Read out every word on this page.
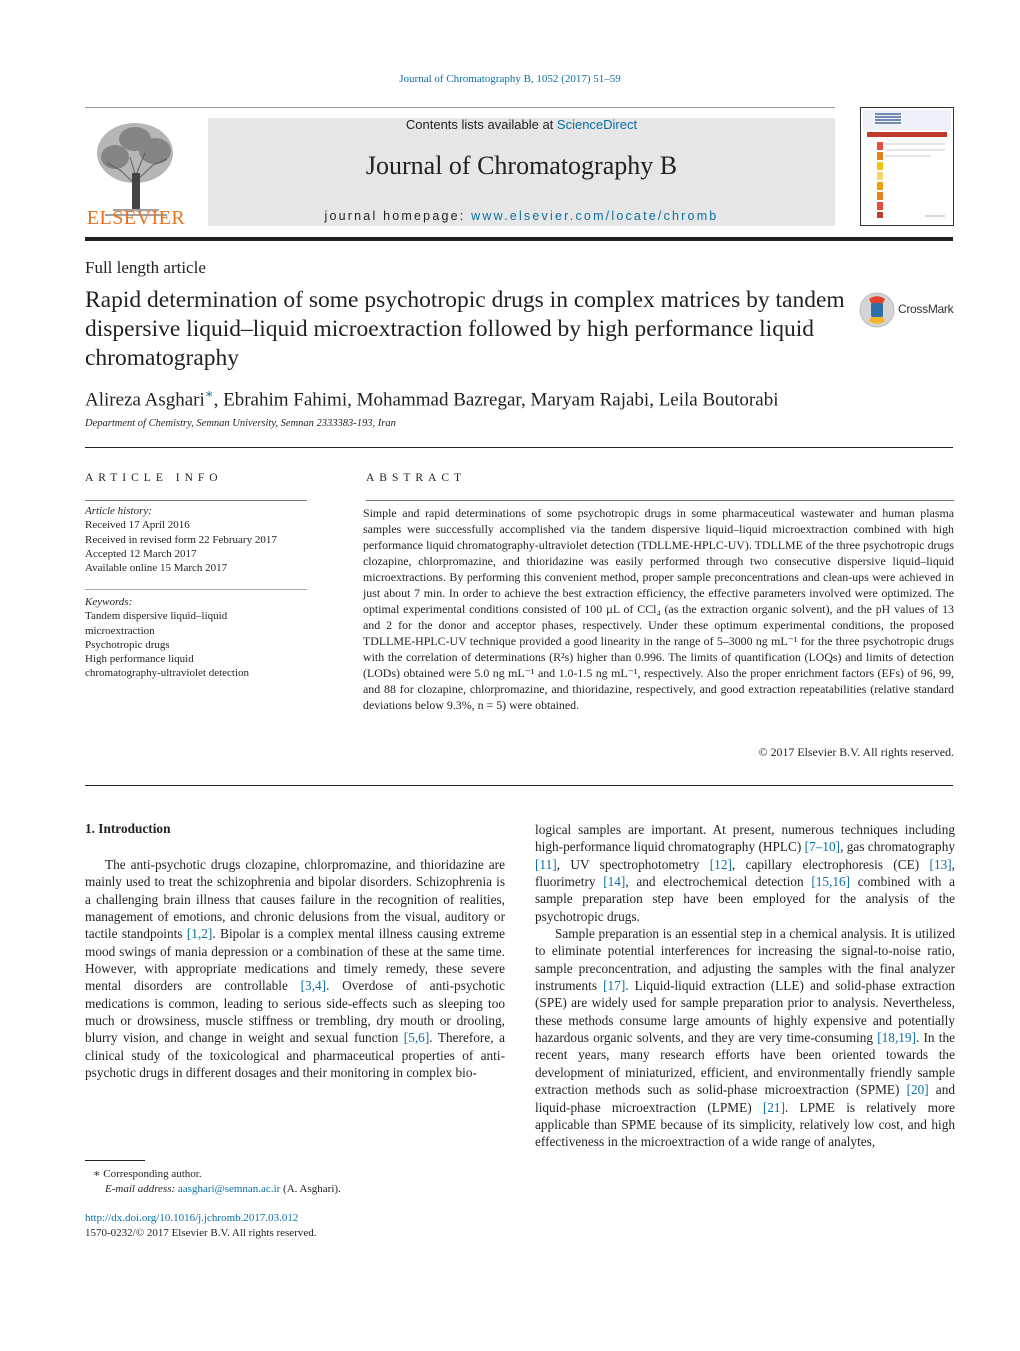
Journal of Chromatography B, 1052 (2017) 51–59
ELSEVIER
Contents lists available at ScienceDirect
Journal of Chromatography B
journal homepage: www.elsevier.com/locate/chromb
Full length article
Rapid determination of some psychotropic drugs in complex matrices by tandem dispersive liquid–liquid microextraction followed by high performance liquid chromatography
CrossMark
Alireza Asghari∗, Ebrahim Fahimi, Mohammad Bazregar, Maryam Rajabi, Leila Boutorabi
Department of Chemistry, Semnan University, Semnan 2333383-193, Iran
ARTICLE INFO
Article history:
Received 17 April 2016
Received in revised form 22 February 2017
Accepted 12 March 2017
Available online 15 March 2017
Keywords:
Tandem dispersive liquid–liquid
microextraction
Psychotropic drugs
High performance liquid
chromatography-ultraviolet detection
ABSTRACT
Simple and rapid determinations of some psychotropic drugs in some pharmaceutical wastewater and human plasma samples were successfully accomplished via the tandem dispersive liquid–liquid microextraction combined with high performance liquid chromatography-ultraviolet detection (TDLLME-HPLC-UV). TDLLME of the three psychotropic drugs clozapine, chlorpromazine, and thioridazine was easily performed through two consecutive dispersive liquid–liquid microextractions. By performing this convenient method, proper sample preconcentrations and clean-ups were achieved in just about 7 min. In order to achieve the best extraction efficiency, the effective parameters involved were optimized. The optimal experimental conditions consisted of 100 µL of CCl₄ (as the extraction organic solvent), and the pH values of 13 and 2 for the donor and acceptor phases, respectively. Under these optimum experimental conditions, the proposed TDLLME-HPLC-UV technique provided a good linearity in the range of 5–3000 ng mL⁻¹ for the three psychotropic drugs with the correlation of determinations (R²s) higher than 0.996. The limits of quantification (LOQs) and limits of detection (LODs) obtained were 5.0 ng mL⁻¹ and 1.0-1.5 ng mL⁻¹, respectively. Also the proper enrichment factors (EFs) of 96, 99, and 88 for clozapine, chlorpromazine, and thioridazine, respectively, and good extraction repeatabilities (relative standard deviations below 9.3%, n = 5) were obtained.
© 2017 Elsevier B.V. All rights reserved.
1. Introduction

The anti-psychotic drugs clozapine, chlorpromazine, and thioridazine are mainly used to treat the schizophrenia and bipolar disorders. Schizophrenia is a challenging brain illness that causes failure in the recognition of realities, management of emotions, and chronic delusions from the visual, auditory or tactile standpoints [1,2]. Bipolar is a complex mental illness causing extreme mood swings of mania depression or a combination of these at the same time. However, with appropriate medications and timely remedy, these severe mental disorders are controllable [3,4]. Overdose of anti-psychotic medications is common, leading to serious side-effects such as sleeping too much or drowsiness, muscle stiffness or trembling, dry mouth or drooling, blurry vision, and change in weight and sexual function [5,6]. Therefore, a clinical study of the toxicological and pharmaceutical properties of anti-psychotic drugs in different dosages and their monitoring in complex bio-

logical samples are important. At present, numerous techniques including high-performance liquid chromatography (HPLC) [7–10], gas chromatography [11], UV spectrophotometry [12], capillary electrophoresis (CE) [13], fluorimetry [14], and electrochemical detection [15,16] combined with a sample preparation step have been employed for the analysis of the psychotropic drugs.

Sample preparation is an essential step in a chemical analysis. It is utilized to eliminate potential interferences for increasing the signal-to-noise ratio, sample preconcentration, and adjusting the samples with the final analyzer instruments [17]. Liquid-liquid extraction (LLE) and solid-phase extraction (SPE) are widely used for sample preparation prior to analysis. Nevertheless, these methods consume large amounts of highly expensive and potentially hazardous organic solvents, and they are very time-consuming [18,19]. In the recent years, many research efforts have been oriented towards the development of miniaturized, efficient, and environmentally friendly sample extraction methods such as solid-phase microextraction (SPME) [20] and liquid-phase microextraction (LPME) [21]. LPME is relatively more applicable than SPME because of its simplicity, relatively low cost, and high effectiveness in the microextraction of a wide range of analytes,

∗ Corresponding author.
E-mail address: aasghari@semnan.ac.ir (A. Asghari).
http://dx.doi.org/10.1016/j.jchromb.2017.03.012
1570-0232/© 2017 Elsevier B.V. All rights reserved.
